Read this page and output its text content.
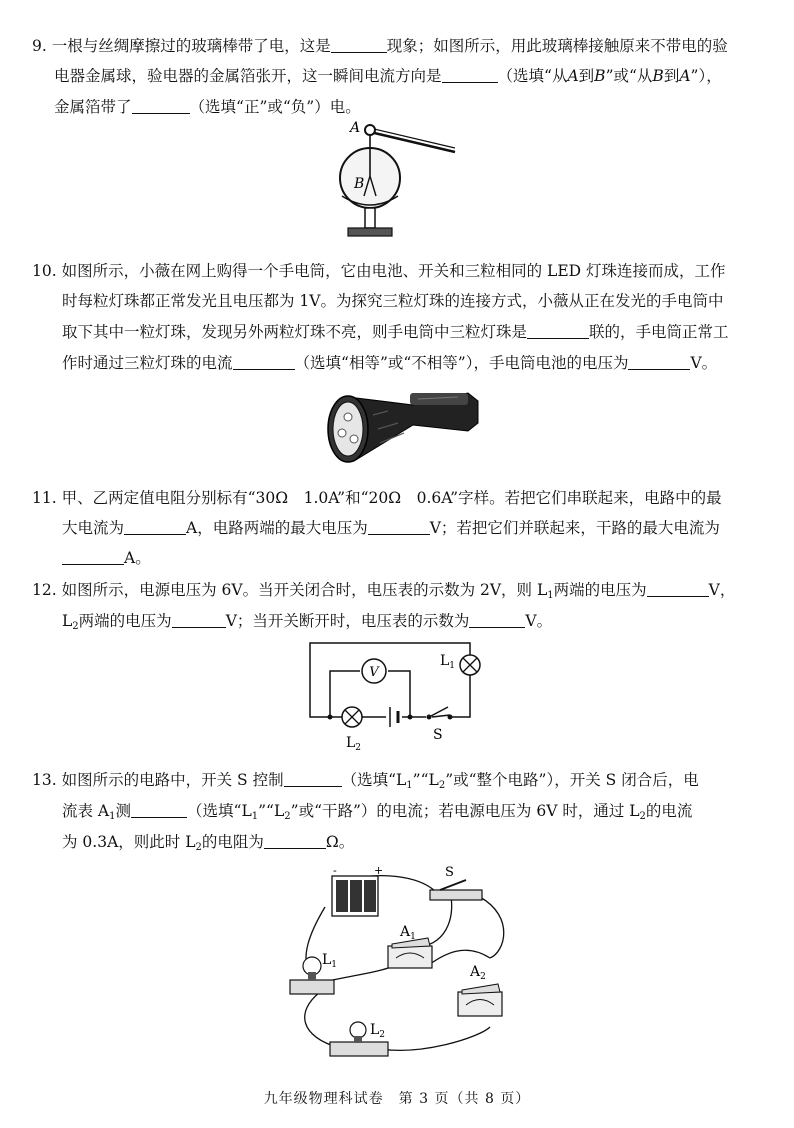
9. 一根与丝绸摩擦过的玻璃棒带了电，这是	现象；如图所示，用此玻璃棒接触原来不带电的验
电器金属球，验电器的金属箔张开，这一瞬间电流方向是	（选填“从A到B”或“从B到A”），
金属箔带了	（选填“正”或“负”）电。
A
B
10. 如图所示，小薇在网上购得一个手电筒，它由电池、开关和三粒相同的 LED 灯珠连接而成，工作
时每粒灯珠都正常发光且电压都为 1V。为探究三粒灯珠的连接方式，小薇从正在发光的手电筒中
取下其中一粒灯珠，发现另外两粒灯珠不亮，则手电筒中三粒灯珠是	联的，手电筒正常工
作时通过三粒灯珠的电流	（选填“相等”或“不相等”），手电筒电池的电压为	V。
11. 甲、乙两定值电阻分别标有“30Ω　1.0A”和“20Ω　0.6A”字样。若把它们串联起来，电路中的最
大电流为	A，电路两端的最大电压为	V；若把它们并联起来，干路的最大电流为
A。
12. 如图所示，电源电压为 6V。当开关闭合时，电压表的示数为 2V，则 $L_1$两端的电压为	V，
$L_2$两端的电压为	V；当开关断开时，电压表的示数为	V。
V
$L_1$
$L_2$
S
13. 如图所示的电路中，开关 S 控制	（选填“$L_1”“L_2$”或“整个电路”），开关 S 闭合后，电
流表 $A_1$测	（选填“$L_1”“L_2$”或“干路”）的电流；若电源电压为 6V 时，通过 $L_2$的电流
为 0.3A，则此时 $L_2$的电阻为	Ω。
-	+	S
$A_1$
$A_2$
$L_1$
$L_2$
九年级物理科试卷　第 3 页（共 8 页）
